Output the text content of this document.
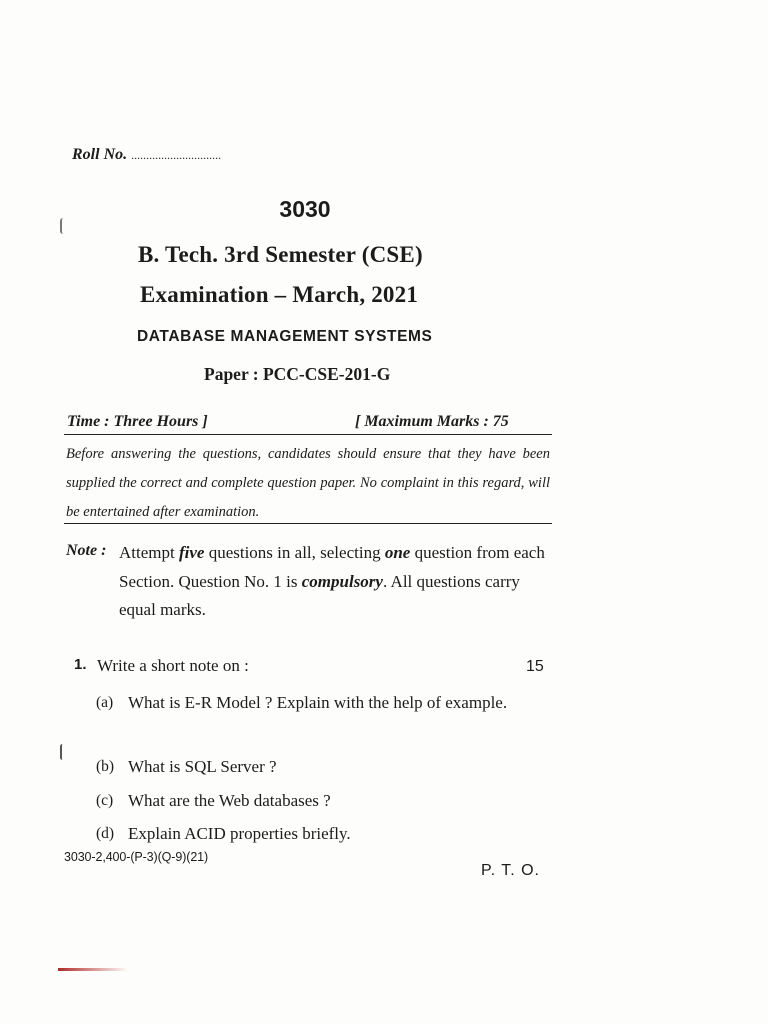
Roll No. ..............................
3030
B. Tech. 3rd Semester (CSE)
Examination – March, 2021
DATABASE MANAGEMENT SYSTEMS
Paper : PCC-CSE-201-G
Time : Three Hours ]	[ Maximum Marks : 75
Before answering the questions, candidates should ensure that they have been supplied the correct and complete question paper. No complaint in this regard, will be entertained after examination.
Note : Attempt five questions in all, selecting one question from each Section. Question No. 1 is compulsory. All questions carry equal marks.
1. Write a short note on :	15
(a) What is E-R Model ? Explain with the help of example.
(b) What is SQL Server ?
(c) What are the Web databases ?
(d) Explain ACID properties briefly.
3030-2,400-(P-3)(Q-9)(21)
P. T. O.
